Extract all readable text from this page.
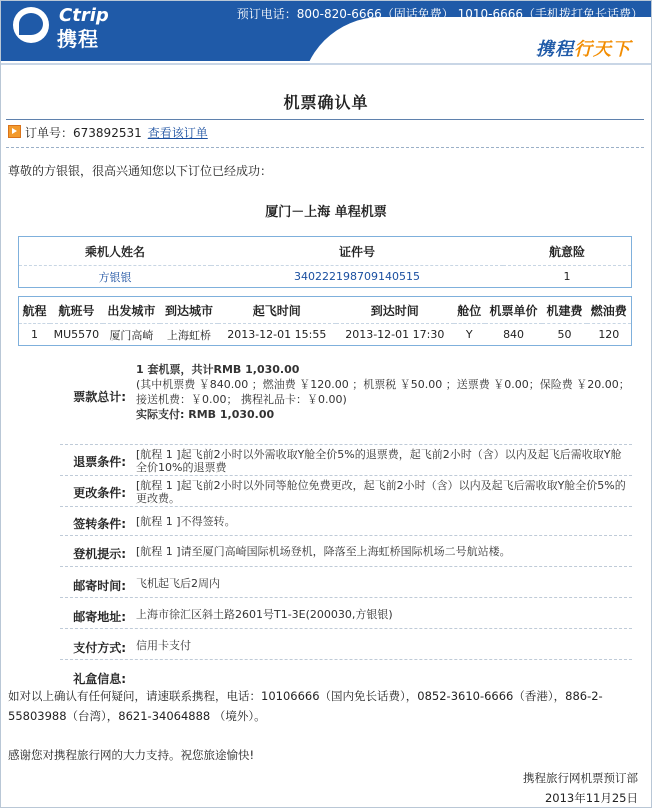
Ctrip
携程
预订电话：800-820-6666（固话免费） 1010-6666（手机拨打免长话费）
携程行天下
机票确认单
订单号：673892531 查看该订单
尊敬的方银银，很高兴通知您以下订位已经成功：
厦门－上海 单程机票
乘机人姓名	证件号	航意险
方银银	340222198709140515	1
航程	航班号	出发城市	到达城市	起飞时间	到达时间	舱位	机票单价	机建费	燃油费
1	MU5570	厦门高崎	上海虹桥	2013-12-01 15:55	2013-12-01 17:30	Y	840	50	120
票款总计:
1 套机票，共计RMB 1,030.00
(其中机票费 ￥840.00 ；燃油费 ￥120.00 ；机票税 ￥50.00 ；送票费 ￥0.00；保险费 ￥20.00；接送机费：￥0.00； 携程礼品卡：￥0.00)
实际支付: RMB 1,030.00
退票条件:
[航程 1 ]起飞前2小时以外需收取Y舱全价5%的退票费，起飞前2小时（含）以内及起飞后需收取Y舱全价10%的退票费
更改条件:
[航程 1 ]起飞前2小时以外同等舱位免费更改，起飞前2小时（含）以内及起飞后需收取Y舱全价5%的更改费。
签转条件: [航程 1 ]不得签转。
登机提示: [航程 1 ]请至厦门高崎国际机场登机，降落至上海虹桥国际机场二号航站楼。
邮寄时间: 飞机起飞后2周内
邮寄地址: 上海市徐汇区斜土路2601号T1-3E(200030,方银银)
支付方式: 信用卡支付
礼盒信息:
如对以上确认有任何疑问，请速联系携程，电话：10106666（国内免长话费），0852-3610-6666（香港），886-2-55803988（台湾），8621-34064888 （境外）。
感谢您对携程旅行网的大力支持。祝您旅途愉快!
携程旅行网机票预订部
2013年11月25日
